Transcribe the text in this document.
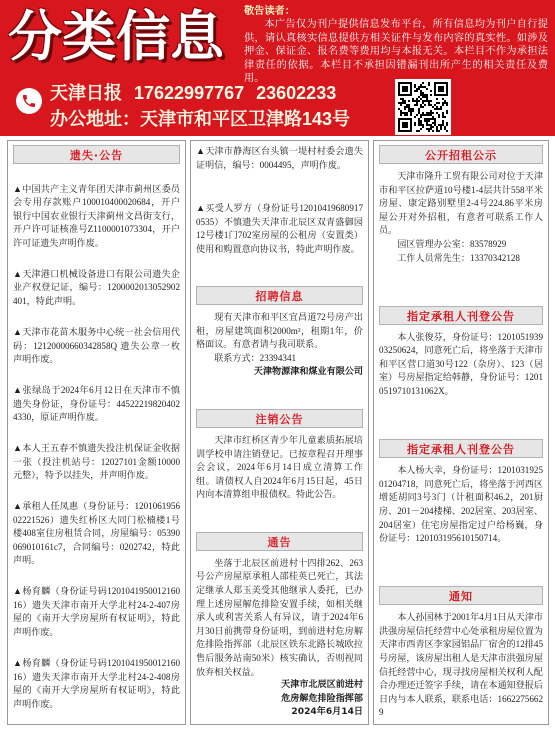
分类信息 敬告读者：
本广告仅为刊户提供信息发布平台，所有信息均为刊户自行提供，请认真核实信息提供方相关证件与发布内容的真实性。如涉及押金、保证金、报名费等费用均与本报无关。本栏目不作为承担法律责任的依据。本栏目不承担因错漏刊出所产生的相关责任及费用。
天津日报 17622997767 23602233
办公地址：天津市和平区卫津路143号
遗失·公告

▲中国共产主义青年团天津市蓟州区委员会专用存款账户100010400020684，开户银行中国农业银行天津蓟州文昌街支行，开户许可证核准号Z1100001073304，开户许可证遗失声明作废。

▲天津港口机械设备进口有限公司遗失企业产权登记证，编号：1200002013052902401，特此声明。

▲天津市花苗木服务中心统一社会信用代码：12120000660342858Q 遗失公章一枚声明作废。

▲张绿岛于2024年6月12日在天津市不慎遗失身份证，身份证号：445222198204024330，原证声明作废。

▲本人王五春不慎遗失投注机保证金收据一张（投注机站号：12027101金额10000元整），特予以挂失，并声明作废。

▲承租人任凤惠（身份证号：120106195602221526）遗失红桥区大同门松楠楼1号楼408室住房租赁合同，房屋编号：05390069010161c7，合同编号：0202742，特此声明。

▲杨育麟（身份证号码120104195001216016）遗失天津市南开大学北村24-2-407房屋的《南开大学房屋所有权证明》，特此声明作废。

▲杨育麟（身份证号码120104195001216016）遗失天津市南开大学北村24-2-408房屋的《南开大学房屋所有权证明》，特此声明作废。

▲天津市静海区台头镇一堤村村委会遗失证明信，编号：0004495，声明作废。

▲买受人罗方（身份证号120104196809170535）不慎遗失天津市北辰区双青盛御园12号楼1门702室房屋的公租房（安置类）使用和购置意向协议书，特此声明作废。

招聘信息

现有天津市和平区宜昌道72号房产出租，房屋建筑面积2000m²，租期1年，价格面议。有意者请与我司联系。

联系方式：23394341

天津物源津和煤业有限公司

注销公告

天津市红桥区青少年儿童素质拓展培训学校申请注销登记。已按章程召开理事会会议，2024年6月14日成立清算工作组。请债权人自2024年6月15日起，45日内向本清算组申报债权。特此公告。

通告

坐落于北辰区前进村十四排262、263号公产房屋原承租人邵桂英已死亡，其法定继承人郑玉美受其他继承人委托，已办理上述房屋解危排险安置手续，如相关继承人或利害关系人有异议，请于2024年6月30日前携带身份证明，到前进村危房解危排险指挥部（北辰区铁东北路长城欧拉售后服务站南50米）核实确认，否则视同放弃相关权益。

天津市北辰区前进村危房解危排险指挥部

2024年6月14日

公开招租公示

天津市隆升工贸有限公司对位于天津市和平区拉萨道10号楼1-4层共计558平米房屋、康定路别墅里2-4号224.86平米房屋公开对外招租，有意者可联系工作人员。

园区管理办公室：83578929

工作人员常先生：13370342128

指定承租人刊登公告

本人张俊芬，身份证号：120105193903250624，同意死亡后，将坐落于天津市和平区营口道30号122（杂房）、123（居室）号房屋指定给韩静，身份证号：12010519710131062X。

指定承租人刊登公告

本人杨大幸，身份证号：120103192501204718，同意死亡后，将坐落于河西区增延胡同3号3门（计租面积46.2，201厨房、201－204楼梯、202居室、203居室、204居室）住宅房屋指定过户给杨巍，身份证号：120103195610150714。

通知

本人孙国林于2001年4月1日从天津市洪强房屋信托经营中心处承租房屋位置为天津市西青区李家园铝品厂宿舍的12排45号房屋，该房屋出租人是天津市洪强房屋信托经营中心，现寻找房屋相关权利人配合办理还迁签字手续，请在本通知登报后日内与本人联系，联系电话：16622756629
